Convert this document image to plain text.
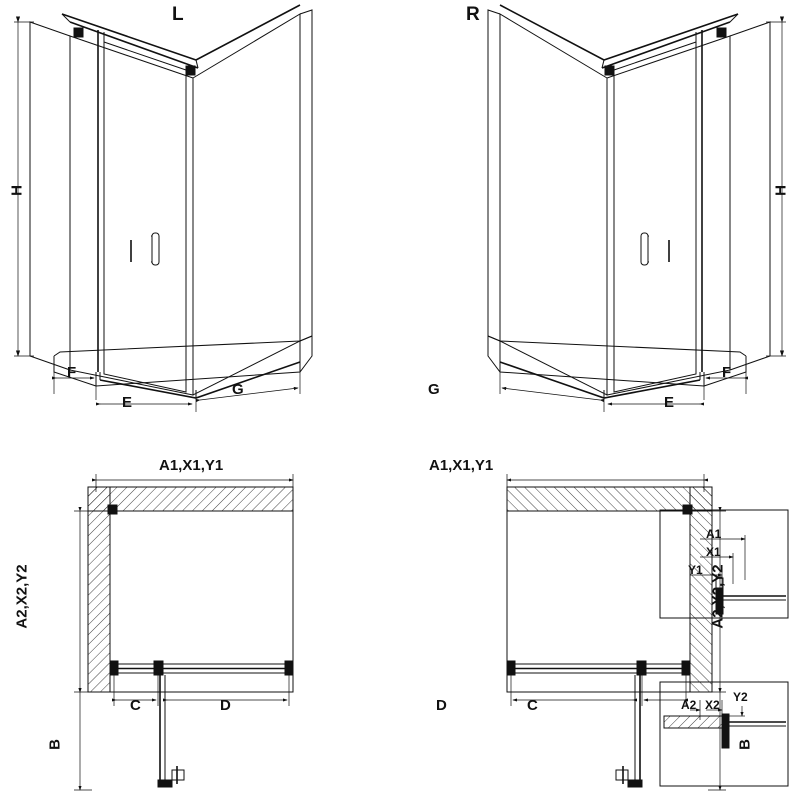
L	R
H
F
E
G
H
F
E
G
A1,X1,Y1
A2,X2,Y2
B
C	D
A1,X1,Y1
A2,X2,Y2
B
D	C
A1
X1
Y1
A2 X2
Y2
